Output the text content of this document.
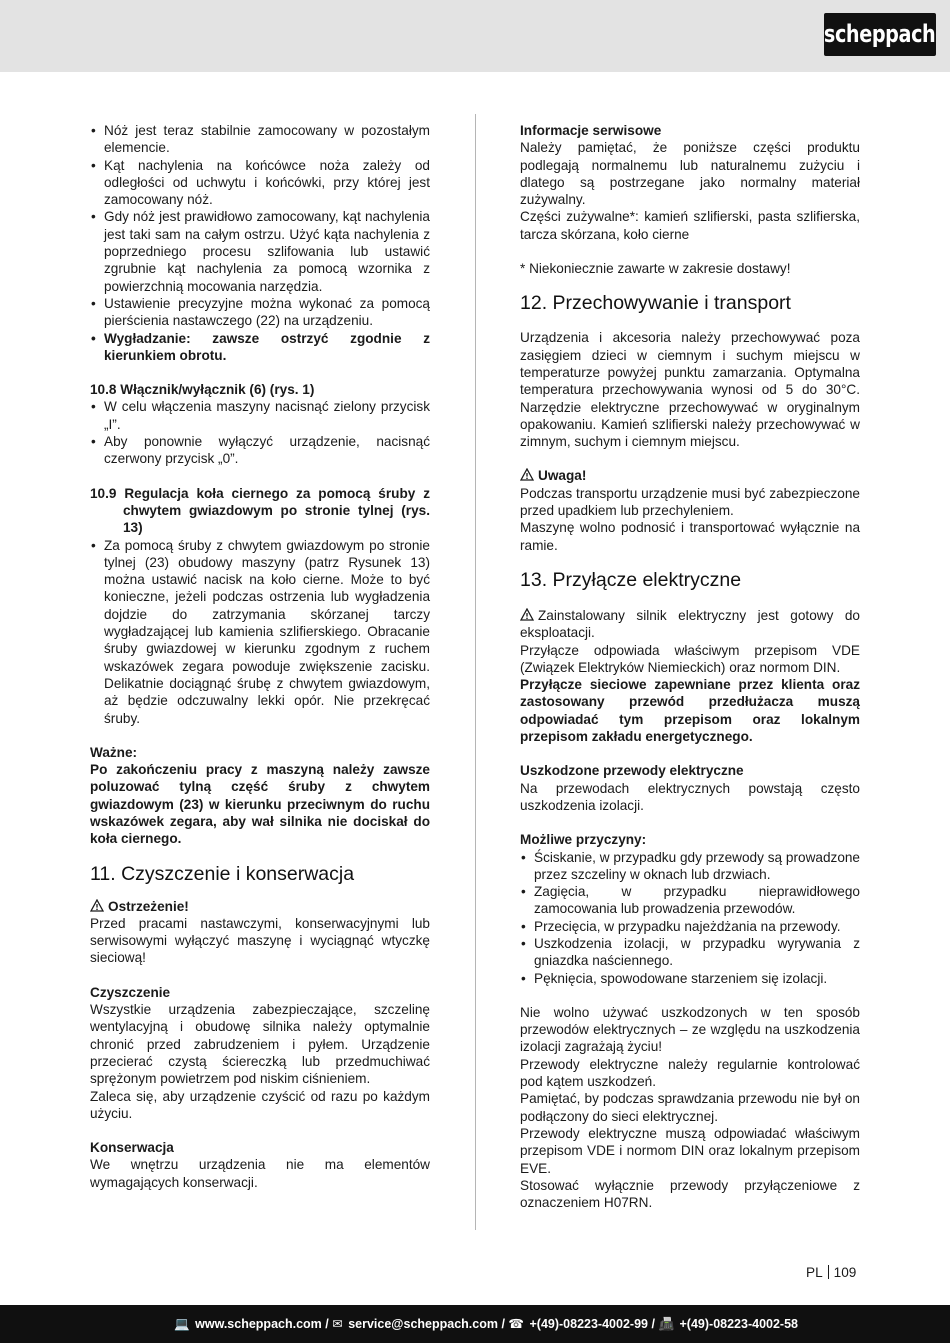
scheppach
• Nóż jest teraz stabilnie zamocowany w pozostałym elemencie.
• Kąt nachylenia na końcówce noża zależy od odległości od uchwytu i końcówki, przy której jest zamocowany nóż.
• Gdy nóż jest prawidłowo zamocowany, kąt nachylenia jest taki sam na całym ostrzu. Użyć kąta nachylenia z poprzedniego procesu szlifowania lub ustawić zgrubnie kąt nachylenia za pomocą wzornika z powierzchnią mocowania narzędzia.
• Ustawienie precyzyjne można wykonać za pomocą pierścienia nastawczego (22) na urządzeniu.
• Wygładzanie: zawsze ostrzyć zgodnie z kierunkiem obrotu.

10.8 Włącznik/wyłącznik (6) (rys. 1)

• W celu włączenia maszyny nacisnąć zielony przycisk „I”.
• Aby ponownie wyłączyć urządzenie, nacisnąć czerwony przycisk „0”.

10.9 Regulacja koła ciernego za pomocą śruby z chwytem gwiazdowym po stronie tylnej (rys. 13)

• Za pomocą śruby z chwytem gwiazdowym po stronie tylnej (23) obudowy maszyny (patrz Rysunek 13) można ustawić nacisk na koło cierne. Może to być konieczne, jeżeli podczas ostrzenia lub wygładzenia dojdzie do zatrzymania skórzanej tarczy wygładzającej lub kamienia szlifierskiego. Obracanie śruby gwiazdowej w kierunku zgodnym z ruchem wskazówek zegara powoduje zwiększenie zacisku. Delikatnie dociągnąć śrubę z chwytem gwiazdowym, aż będzie odczuwalny lekki opór. Nie przekręcać śruby.

Ważne:

Po zakończeniu pracy z maszyną należy zawsze poluzować tylną część śruby z chwytem gwiazdowym (23) w kierunku przeciwnym do ruchu wskazówek zegara, aby wał silnika nie dociskał do koła ciernego.

11. Czyszczenie i konserwacja

Ostrzeżenie!

Przed pracami nastawczymi, konserwacyjnymi lub serwisowymi wyłączyć maszynę i wyciągnąć wtyczkę sieciową!

Czyszczenie

Wszystkie urządzenia zabezpieczające, szczelinę wentylacyjną i obudowę silnika należy optymalnie chronić przed zabrudzeniem i pyłem. Urządzenie przecierać czystą ściereczką lub przedmuchiwać sprężonym powietrzem pod niskim ciśnieniem.

Zaleca się, aby urządzenie czyścić od razu po każdym użyciu.

Konserwacja

We wnętrzu urządzenia nie ma elementów wymagających konserwacji.

Informacje serwisowe

Należy pamiętać, że poniższe części produktu podlegają normalnemu lub naturalnemu zużyciu i dlatego są postrzegane jako normalny materiał zużywalny.

Części zużywalne*: kamień szlifierski, pasta szlifierska, tarcza skórzana, koło cierne

* Niekoniecznie zawarte w zakresie dostawy!

12. Przechowywanie i transport

Urządzenia i akcesoria należy przechowywać poza zasięgiem dzieci w ciemnym i suchym miejscu w temperaturze powyżej punktu zamarzania. Optymalna temperatura przechowywania wynosi od 5 do 30°C. Narzędzie elektryczne przechowywać w oryginalnym opakowaniu. Kamień szlifierski należy przechowywać w zimnym, suchym i ciemnym miejscu.

Uwaga!

Podczas transportu urządzenie musi być zabezpieczone przed upadkiem lub przechyleniem.

Maszynę wolno podnosić i transportować wyłącznie na ramie.

13. Przyłącze elektryczne

Zainstalowany silnik elektryczny jest gotowy do eksploatacji.

Przyłącze odpowiada właściwym przepisom VDE (Związek Elektryków Niemieckich) oraz normom DIN.

Przyłącze sieciowe zapewniane przez klienta oraz zastosowany przewód przedłużacza muszą odpowiadać tym przepisom oraz lokalnym przepisom zakładu energetycznego.

Uszkodzone przewody elektryczne

Na przewodach elektrycznych powstają często uszkodzenia izolacji.

Możliwe przyczyny:

• Ściskanie, w przypadku gdy przewody są prowadzone przez szczeliny w oknach lub drzwiach.
• Zagięcia, w przypadku nieprawidłowego zamocowania lub prowadzenia przewodów.
• Przecięcia, w przypadku najeżdżania na przewody.
• Uszkodzenia izolacji, w przypadku wyrywania z gniazdka naściennego.
• Pęknięcia, spowodowane starzeniem się izolacji.

Nie wolno używać uszkodzonych w ten sposób przewodów elektrycznych – ze względu na uszkodzenia izolacji zagrażają życiu!

Przewody elektryczne należy regularnie kontrolować pod kątem uszkodzeń.

Pamiętać, by podczas sprawdzania przewodu nie był on podłączony do sieci elektrycznej.

Przewody elektryczne muszą odpowiadać właściwym przepisom VDE i normom DIN oraz lokalnym przepisom EVE.

Stosować wyłącznie przewody przyłączeniowe z oznaczeniem H07RN.

PL 109
💻 www.scheppach.com / ✉ service@scheppach.com / ☎ +(49)-08223-4002-99 / 📠 +(49)-08223-4002-58
